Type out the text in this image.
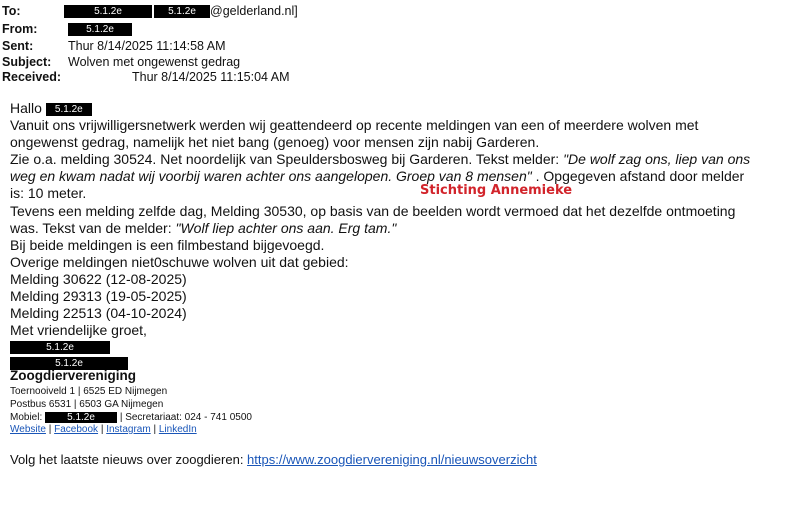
To:	5.1.2e	5.1.2e @gelderland.nl]
From:	5.1.2e
Sent:	Thur 8/14/2025 11:14:58 AM
Subject: Wolven met ongewenst gedrag
Received:	Thur 8/14/2025 11:15:04 AM
Hallo 5.1.2e
Vanuit ons vrijwilligersnetwerk werden wij geattendeerd op recente meldingen van een of meerdere wolven met
ongewenst gedrag, namelijk het niet bang (genoeg) voor mensen zijn nabij Garderen.
Zie o.a. melding 30524. Net noordelijk van Speuldersbosweg bij Garderen. Tekst melder: "De wolf zag ons, liep van ons
weg en kwam nadat wij voorbij waren achter ons aangelopen. Groep van 8 mensen" . Opgegeven afstand door melder
is: 10 meter.	Stichting Annemieke
Tevens een melding zelfde dag, Melding 30530, op basis van de beelden wordt vermoed dat het dezelfde ontmoeting
was. Tekst van de melder: "Wolf liep achter ons aan. Erg tam."
Bij beide meldingen is een filmbestand bijgevoegd.
Overige meldingen niet0schuwe wolven uit dat gebied:
Melding 30622 (12-08-2025)
Melding 29313 (19-05-2025)
Melding 22513 (04-10-2024)
Met vriendelijke groet,
5.1.2e
5.1.2e
Zoogdiervereniging
Toernooiveld 1 | 6525 ED Nijmegen
Postbus 6531 | 6503 GA Nijmegen
Mobiel: 5.1.2e | Secretariaat: 024 - 741 0500
Website | Facebook | Instagram | LinkedIn
Volg het laatste nieuws over zoogdieren: https://www.zoogdiervereniging.nl/nieuwsoverzicht
